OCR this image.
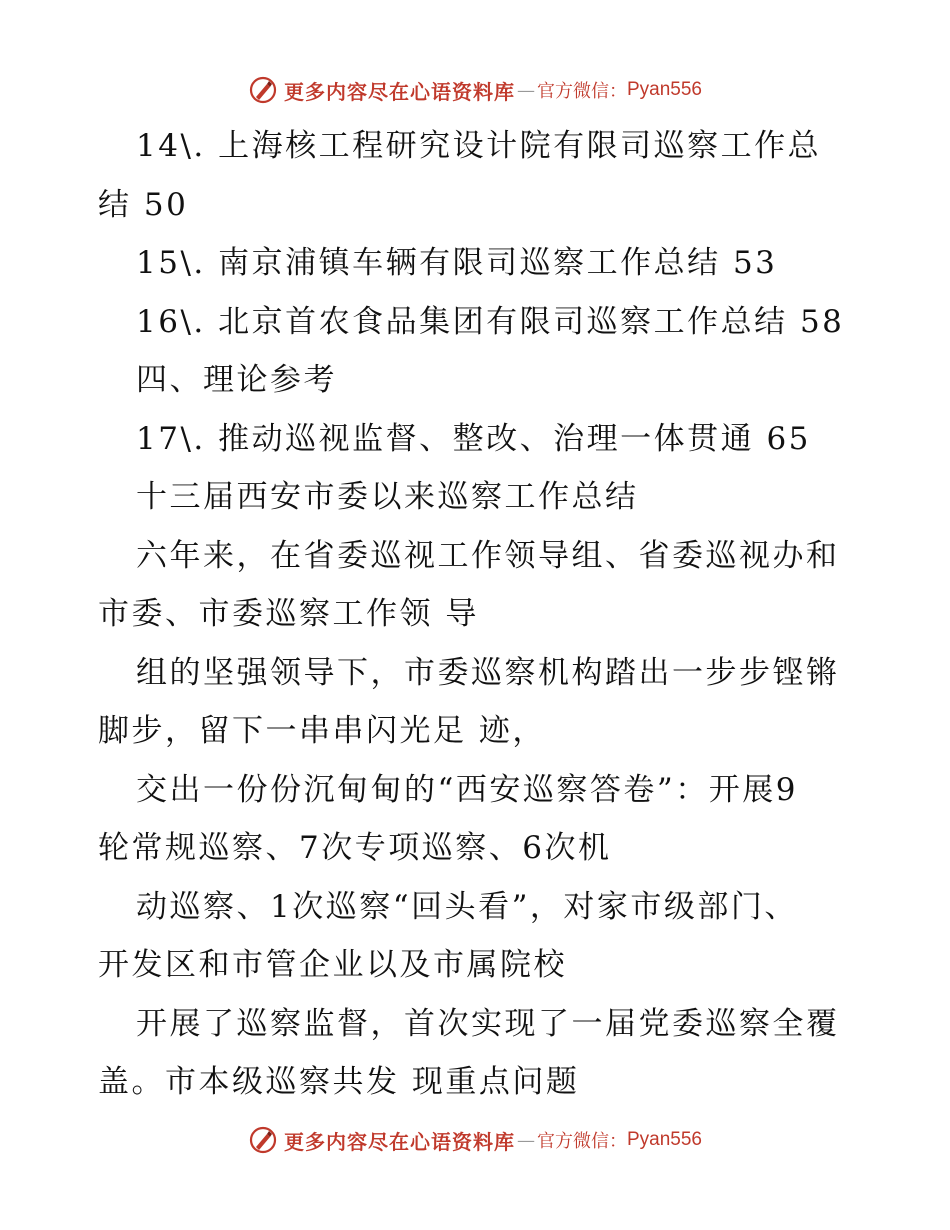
更多内容尽在心语资料库 — 官方微信： Pyan556
14\. 上海核工程研究设计院有限司巡察工作总
结 50
15\. 南京浦镇车辆有限司巡察工作总结 53
16\. 北京首农食品集团有限司巡察工作总结 58
四、理论参考
17\. 推动巡视监督、整改、治理一体贯通 65
十三届西安市委以来巡察工作总结
六年来，在省委巡视工作领导组、省委巡视办和
市委、市委巡察工作领 导
组的坚强领导下，市委巡察机构踏出一步步铿锵
脚步，留下一串串闪光足 迹，
交出一份份沉甸甸的“西安巡察答卷”：开展9
轮常规巡察、7次专项巡察、6次机
动巡察、1次巡察“回头看”，对家市级部门、
开发区和市管企业以及市属院校
开展了巡察监督，首次实现了一届党委巡察全覆
盖。市本级巡察共发 现重点问题
更多内容尽在心语资料库 — 官方微信： Pyan556
